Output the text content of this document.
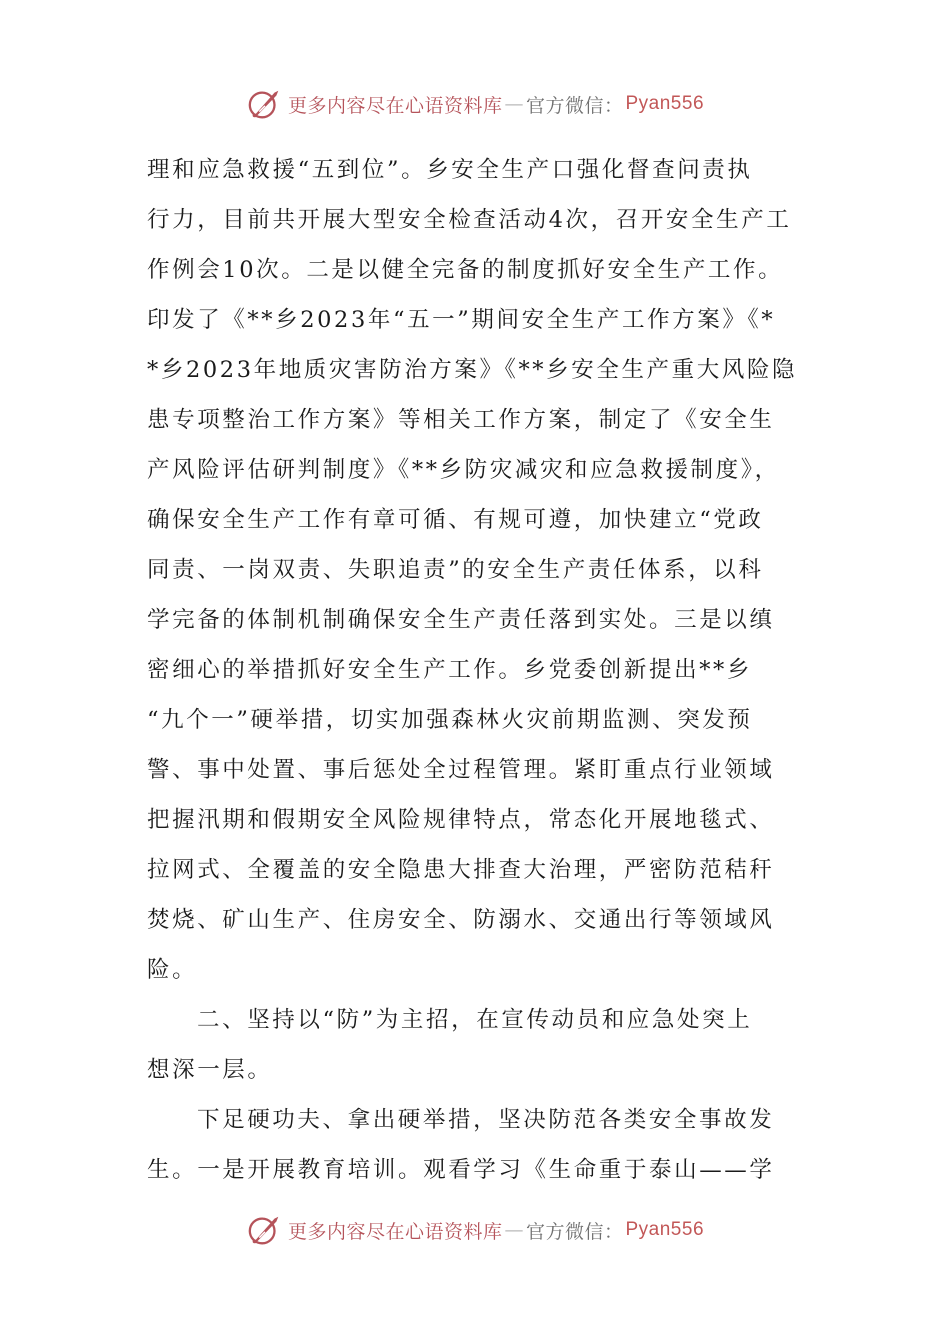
更多内容尽在心语资料库 — 官方微信： Pyan556
理和应急救援“五到位”。乡安全生产口强化督查问责执
行力，目前共开展大型安全检查活动4次，召开安全生产工
作例会10次。二是以健全完备的制度抓好安全生产工作。
印发了《**乡2023年“五一”期间安全生产工作方案》《*
*乡2023年地质灾害防治方案》《**乡安全生产重大风险隐
患专项整治工作方案》等相关工作方案，制定了《安全生
产风险评估研判制度》《**乡防灾减灾和应急救援制度》，
确保安全生产工作有章可循、有规可遵，加快建立“党政
同责、一岗双责、失职追责”的安全生产责任体系，以科
学完备的体制机制确保安全生产责任落到实处。三是以缜
密细心的举措抓好安全生产工作。乡党委创新提出**乡
“九个一”硬举措，切实加强森林火灾前期监测、突发预
警、事中处置、事后惩处全过程管理。紧盯重点行业领域
把握汛期和假期安全风险规律特点，常态化开展地毯式、
拉网式、全覆盖的安全隐患大排查大治理，严密防范秸秆
焚烧、矿山生产、住房安全、防溺水、交通出行等领域风
险。
二、坚持以“防”为主招，在宣传动员和应急处突上
想深一层。
下足硬功夫、拿出硬举措，坚决防范各类安全事故发
生。一是开展教育培训。观看学习《生命重于泰山——学
更多内容尽在心语资料库 — 官方微信： Pyan556
